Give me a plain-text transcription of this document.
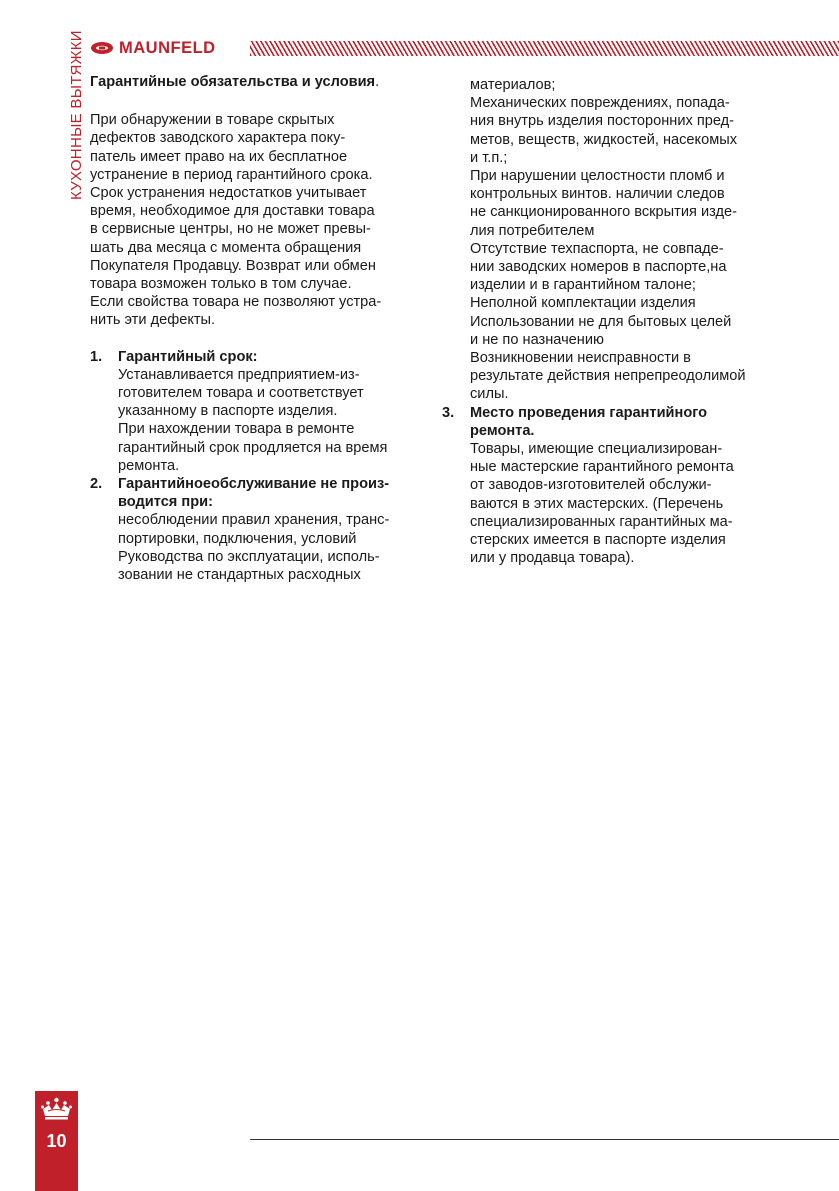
КУХОННЫЕ ВЫТЯЖКИ MAUNFELD

Гарантийные обязательства и условия.

При обнаружении в товаре скрытых
дефектов заводского характера поку-
патель имеет право на их бесплатное
устранение в период гарантийного срока.
Срок устранения недостатков учитывает
время, необходимое для доставки товара
в сервисные центры, но не может превы-
шать два месяца с момента обращения
Покупателя Продавцу. Возврат или обмен
товара возможен только в том случае.
Если свойства товара не позволяют устра-
нить эти дефекты.
1. Гарантийный срок:
Устанавливается предприятием-из-
готовителем товара и соответствует
указанному в паспорте изделия.
При нахождении товара в ремонте
гарантийный срок продляется на время
ремонта.
2. Гарантийноеобслуживание не произ-
водится при:
несоблюдении правил хранения, транс-
портировки, подключения, условий
Руководства по эксплуатации, исполь-
зовании не стандартных расходных
материалов;
Механических повреждениях, попада-
ния внутрь изделия посторонних пред-
метов, веществ, жидкостей, насекомых
и т.п.;
При нарушении целостности пломб и
контрольных винтов. наличии следов
не санкционированного вскрытия изде-
лия потребителем
Отсутствие техпаспорта, не совпаде-
нии заводских номеров в паспорте,на
изделии и в гарантийном талоне;
Неполной комплектации изделия
Использовании не для бытовых целей
и не по назначению
Возникновении неисправности в
результате действия непрепреодолимой
силы.
3. Место проведения гарантийного
ремонта.
Товары, имеющие специализирован-
ные мастерские гарантийного ремонта
от заводов-изготовителей обслужи-
ваются в этих мастерских. (Перечень
специализированных гарантийных ма-
стерских имеется в паспорте изделия
или у продавца товара).
10
